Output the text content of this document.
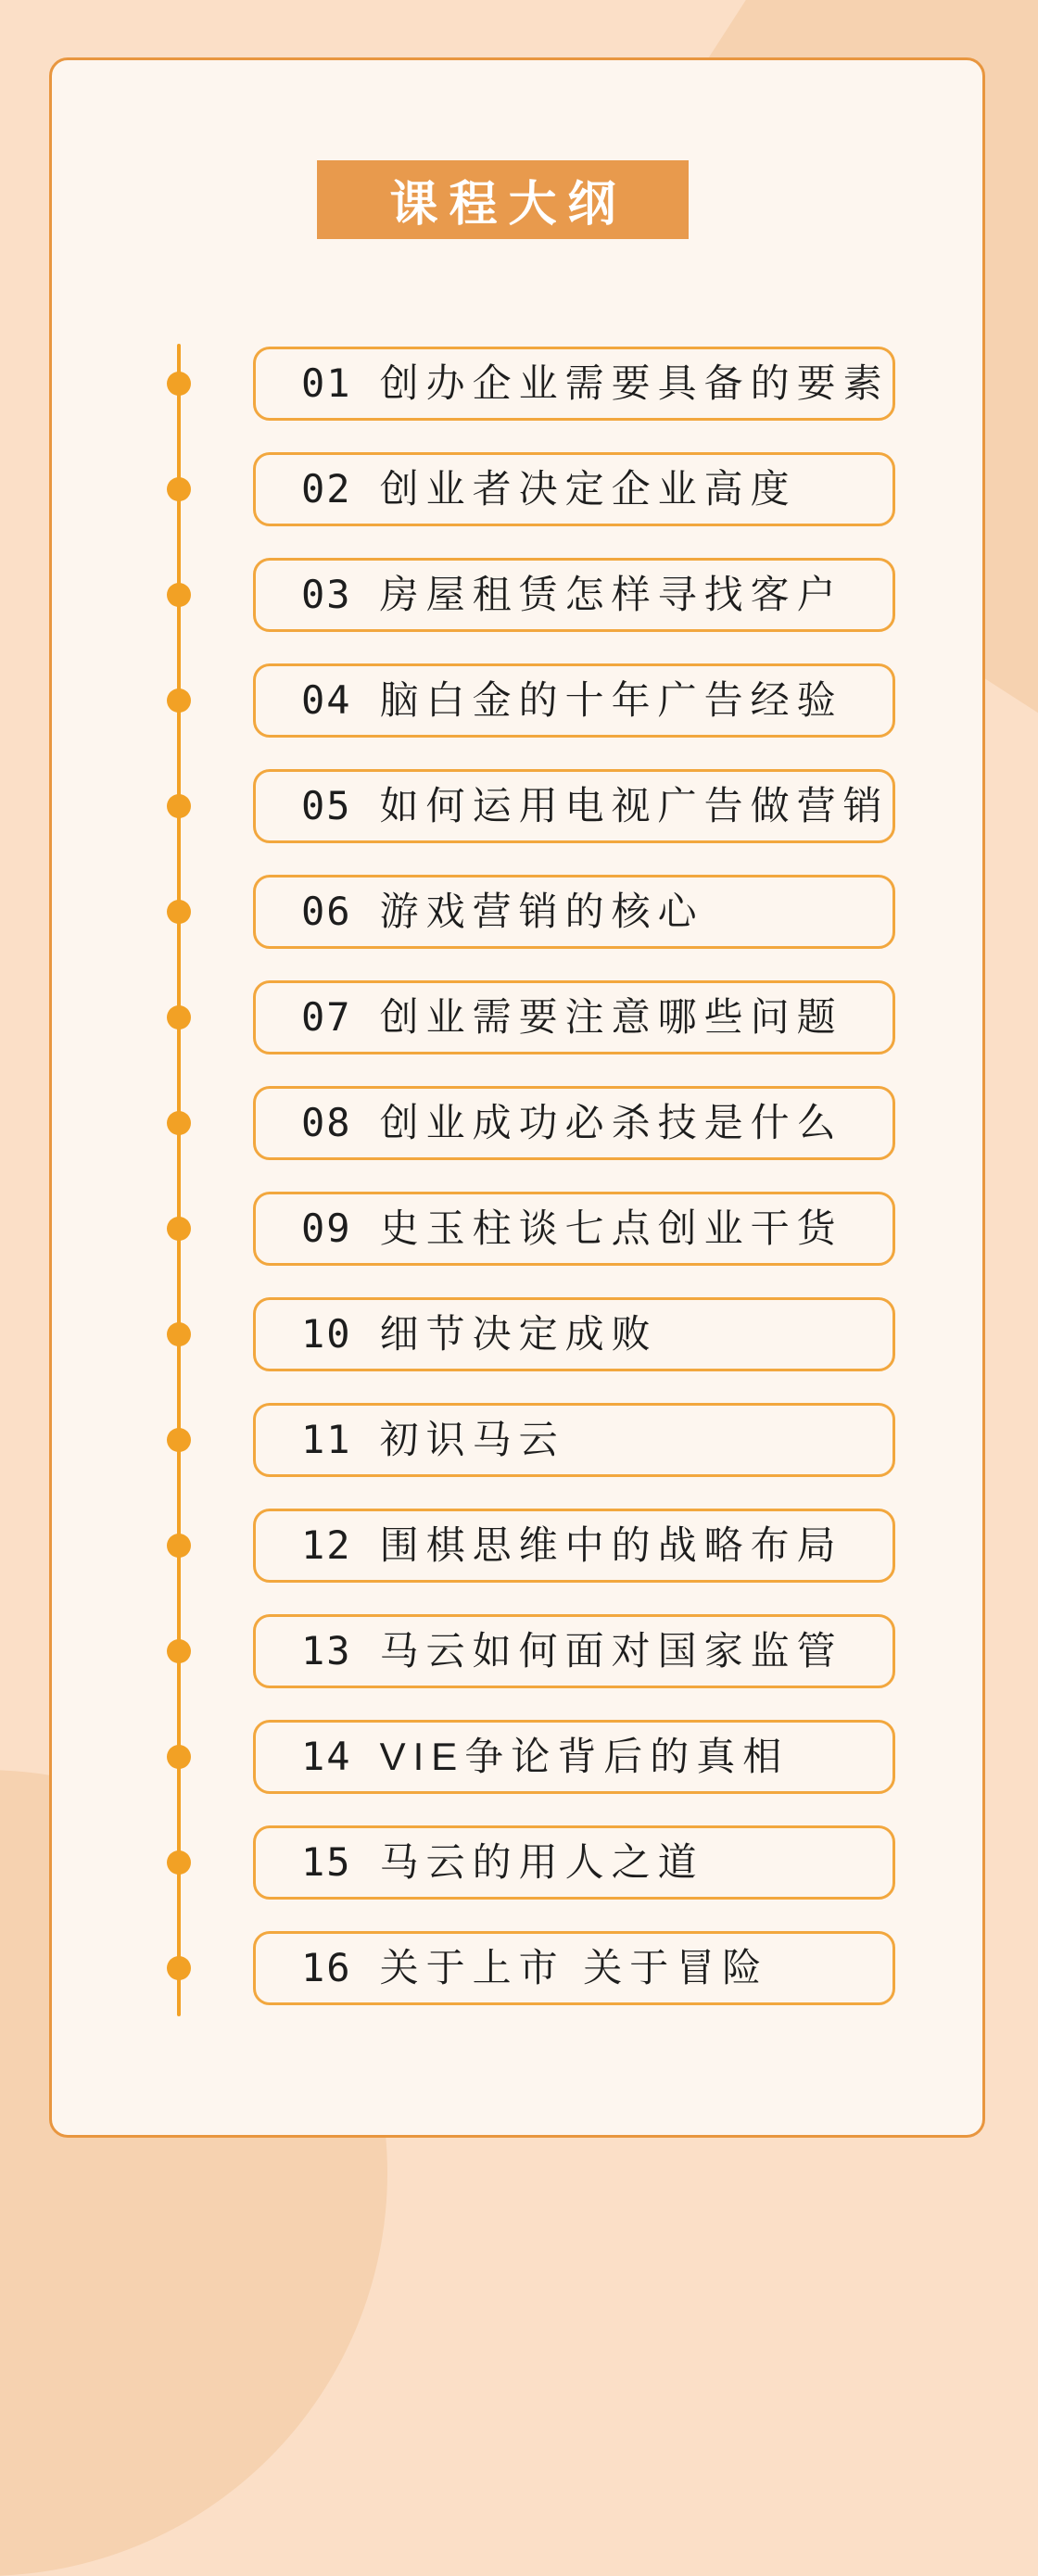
课程大纲
01 创办企业需要具备的要素
02 创业者决定企业高度
03 房屋租赁怎样寻找客户
04 脑白金的十年广告经验
05 如何运用电视广告做营销
06 游戏营销的核心
07 创业需要注意哪些问题
08 创业成功必杀技是什么
09 史玉柱谈七点创业干货
10 细节决定成败
11 初识马云
12 围棋思维中的战略布局
13 马云如何面对国家监管
14 VIE争论背后的真相
15 马云的用人之道
16 关于上市 关于冒险
